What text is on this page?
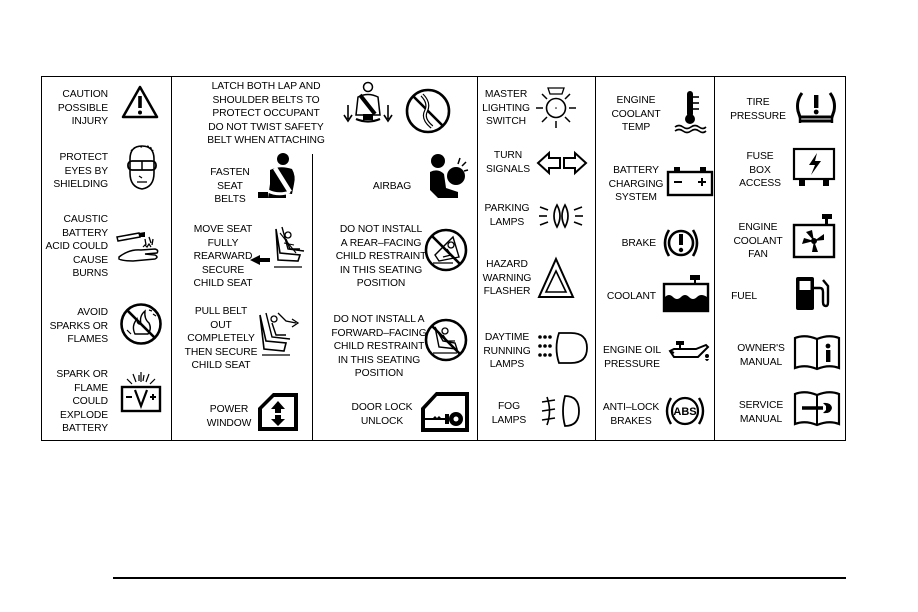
CAUTION
POSSIBLE
INJURY
PROTECT
EYES BY
SHIELDING
CAUSTIC
BATTERY
ACID COULD
CAUSE
BURNS
AVOID
SPARKS OR
FLAMES
SPARK OR
FLAME
COULD
EXPLODE
BATTERY
LATCH BOTH LAP AND
SHOULDER BELTS TO
PROTECT OCCUPANT
DO NOT TWIST SAFETY
BELT WHEN ATTACHING
FASTEN
SEAT
BELTS
MOVE SEAT
FULLY
REARWARD
SECURE
CHILD SEAT
PULL BELT
OUT
COMPLETELY
THEN SECURE
CHILD SEAT
POWER
WINDOW
AIRBAG
DO NOT INSTALL
A REAR–FACING
CHILD RESTRAINT
IN THIS SEATING
POSITION
DO NOT INSTALL A
FORWARD–FACING
CHILD RESTRAINT
IN THIS SEATING
POSITION
DOOR LOCK
UNLOCK
MASTER
LIGHTING
SWITCH
TURN
SIGNALS
PARKING
LAMPS
HAZARD
WARNING
FLASHER
DAYTIME
RUNNING
LAMPS
FOG
LAMPS
ENGINE
COOLANT
TEMP
BATTERY
CHARGING
SYSTEM
BRAKE
COOLANT
ENGINE OIL
PRESSURE
ANTI–LOCK
BRAKES
ABS
TIRE
PRESSURE
FUSE
BOX
ACCESS
ENGINE
COOLANT
FAN
FUEL
OWNER'S
MANUAL
SERVICE
MANUAL
